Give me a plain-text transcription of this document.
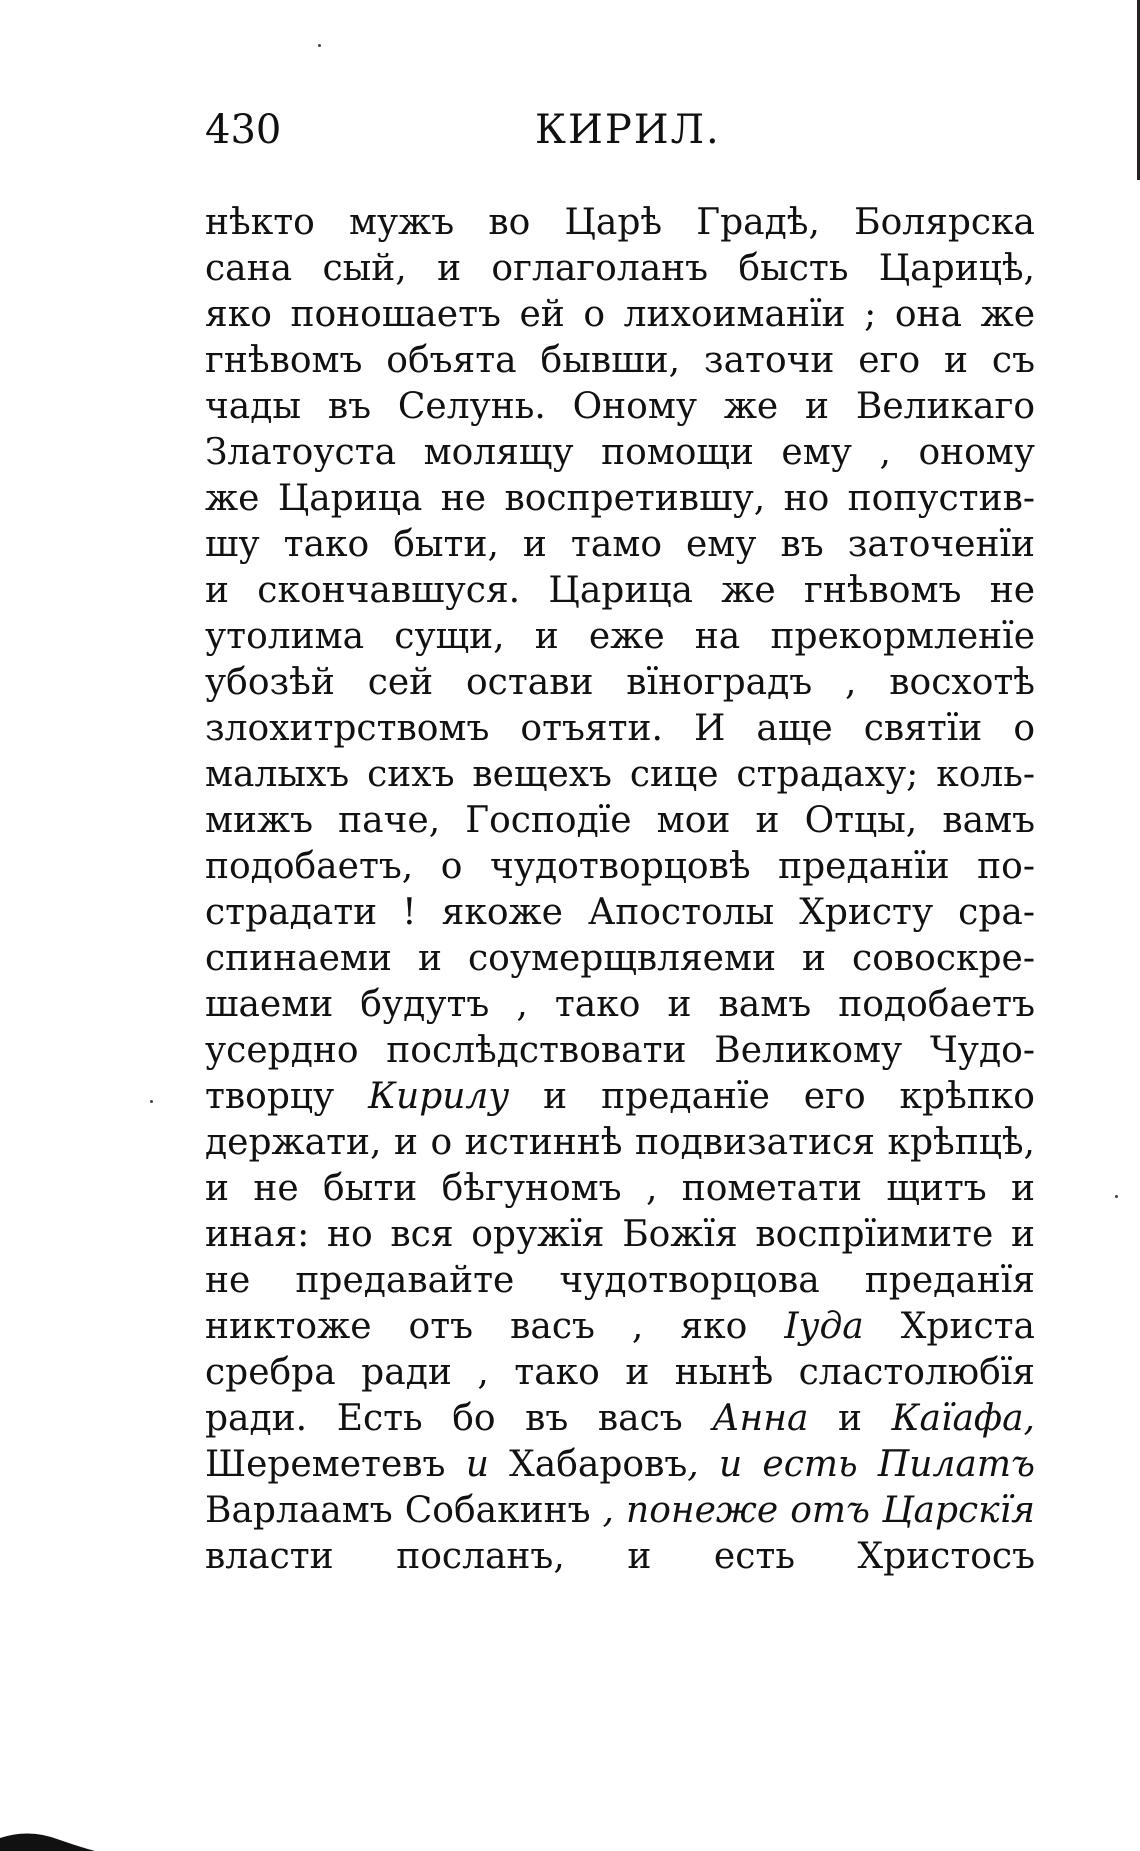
430	КИРИЛ.
нѣкто мужъ во Царѣ Градѣ, Болярска
сана сый, и оглаголанъ бысть Царицѣ,
яко поношаетъ ей о лихоиманїи ; она же
гнѣвомъ объята бывши, заточи его и съ
чады въ Селунь. Оному же и Великаго
Златоуста молящу помощи ему , оному
же Царица не воспретившу, но попустив-
шу тако быти, и тамо ему въ заточенїи
и скончавшуся. Царица же гнѣвомъ не
утолима сущи, и еже на прекормленїе
убозѣй сей остави вїноградъ , восхотѣ
злохитрствомъ отъяти. И аще святїи о
малыхъ сихъ вещехъ сице страдаху; коль-
мижъ паче, Господїе мои и Отцы, вамъ
подобаетъ, о чудотворцовѣ преданїи по-
страдати ! якоже Апостолы Христу сра-
спинаеми и соумерщвляеми и совоскре-
шаеми будутъ , тако и вамъ подобаетъ
усердно послѣдствовати Великому Чудо-
творцу Кирилу и преданїе его крѣпко
держати, и о истиннѣ подвизатися крѣпцѣ,
и не быти бѣгуномъ , пометати щитъ и
иная: но вся оружїя Божїя воспрїимите и
не предавайте чудотворцова преданїя
никтоже отъ васъ , яко Іуда Христа
сребра ради , тако и нынѣ сластолюбїя
ради. Есть бо въ васъ Анна и Каїафа,
Шереметевъ и Хабаровъ, и есть Пилатъ
Варлаамъ Собакинъ , понеже отъ Царскїя
власти посланъ, и есть Христосъ
